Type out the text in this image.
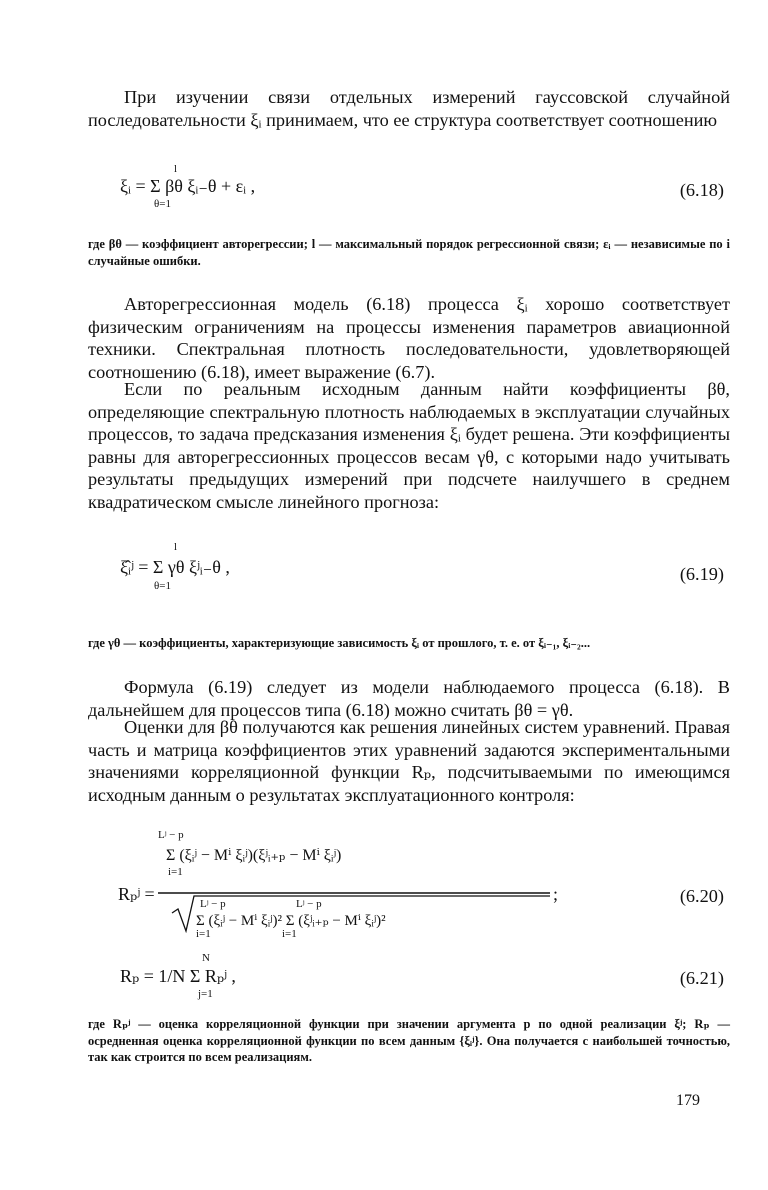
При изучении связи отдельных измерений гауссовской случайной последовательности ξᵢ принимаем, что ее структура соответствует соотношению

l
ξᵢ = Σ βθ ξᵢ₋θ + εᵢ ,
θ=1
(6.18)

где βθ — коэффициент авторегрессии; l — максимальный порядок регрессионной связи; εᵢ — независимые по i случайные ошибки.

Авторегрессионная модель (6.18) процесса ξᵢ хорошо соответствует физическим ограничениям на процессы изменения параметров авиационной техники. Спектральная плотность последовательности, удовлетворяющей соотношению (6.18), имеет выражение (6.7).

Если по реальным исходным данным найти коэффициенты βθ, определяющие спектральную плотность наблюдаемых в эксплуатации случайных процессов, то задача предсказания изменения ξᵢ будет решена. Эти коэффициенты равны для авторегрессионных процессов весам γθ, с которыми надо учитывать результаты предыдущих измерений при подсчете наилучшего в среднем квадратическом смысле линейного прогноза:

l
ξ̂ᵢʲ = Σ γθ ξʲᵢ₋θ ,
θ=1
(6.19)

где γθ — коэффициенты, характеризующие зависимость ξᵢ от прошлого, т. е. от ξᵢ₋₁, ξᵢ₋₂...

Формула (6.19) следует из модели наблюдаемого процесса (6.18). В дальнейшем для процессов типа (6.18) можно считать βθ = γθ.

Оценки для βθ получаются как решения линейных систем уравнений. Правая часть и матрица коэффициентов этих уравнений задаются экспериментальными значениями корреляционной функции Rₚ, подсчитываемыми по имеющимся исходным данным о результатах эксплуатационного контроля:

Lʲ − p
Σ (ξᵢʲ − Mⁱ ξᵢʲ)(ξʲᵢ₊ₚ − Mⁱ ξᵢʲ)
i=1
Rₚʲ =	;
Lʲ − p	Lʲ − p
Σ (ξᵢʲ − Mⁱ ξᵢʲ)² Σ (ξʲᵢ₊ₚ − Mⁱ ξᵢʲ)²
i=1	i=1
(6.20)
N
Rₚ = 1/N Σ Rₚʲ ,
j=1
(6.21)

где Rₚʲ — оценка корреляционной функции при значении аргумента p по одной реализации ξʲ; Rₚ — осредненная оценка корреляционной функции по всем данным {ξᵢʲ}. Она получается с наибольшей точностью, так как строится по всем реализациям.

179
